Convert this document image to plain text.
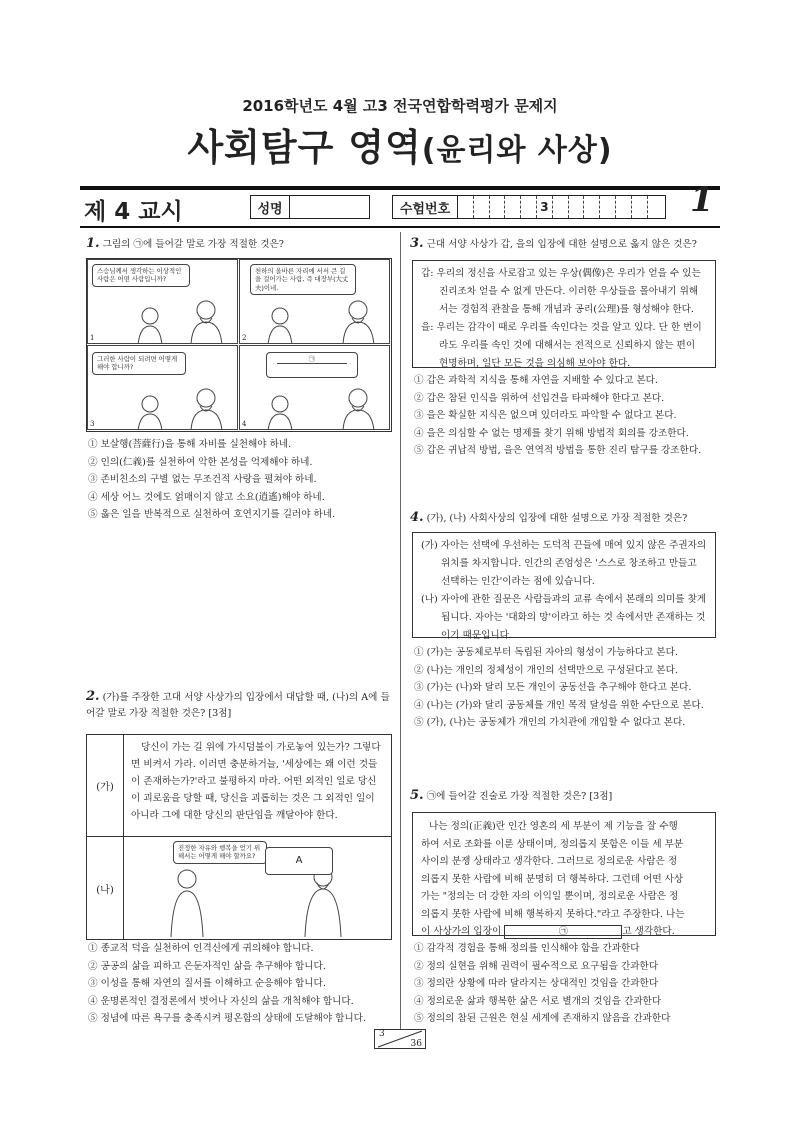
2016학년도 4월 고3 전국연합학력평가 문제지
사회탐구 영역(윤리와 사상)
제 4 교시	성명	수험번호	3	1
1. 그림의 ㉠에 들어갈 말로 가장 적절한 것은?
스승님께서 생각하는 이상적인 사람은 어떤 사람입니까?
1
천하의 올바른 자리에 서서 큰 길을 걸어가는 사람, 즉 대장부(大丈夫)이네.
2
그러한 사람이 되려면 어떻게 해야 합니까?
3
㉠
4
① 보살행(菩薩行)을 통해 자비를 실천해야 하네.
② 인의(仁義)를 실천하여 악한 본성을 억제해야 하네.
③ 존비친소의 구별 없는 무조건적 사랑을 펼쳐야 하네.
④ 세상 어느 것에도 얽매이지 않고 소요(逍遙)해야 하네.
⑤ 옳은 일을 반복적으로 실천하여 호연지기를 길러야 하네.
2. (가)를 주장한 고대 서양 사상가의 입장에서 대답할 때, (나)의 A에 들어갈 말로 가장 적절한 것은? [3점]
(가)
당신이 가는 길 위에 가시덤불이 가로놓여 있는가? 그렇다면 비켜서 가라. 이러면 충분하거늘, '세상에는 왜 이런 것들이 존재하는가?'라고 불평하지 마라. 어떤 외적인 일로 당신이 괴로움을 당할 때, 당신을 괴롭히는 것은 그 외적인 일이 아니라 그에 대한 당신의 판단임을 깨달아야 한다.
(나)
진정한 자유와 행복을 얻기 위해서는 어떻게 해야 할까요?	A
① 종교적 덕을 실천하여 인격신에게 귀의해야 합니다.
② 공공의 삶을 피하고 은둔자적인 삶을 추구해야 합니다.
③ 이성을 통해 자연의 질서를 이해하고 순응해야 합니다.
④ 운명론적인 결정론에서 벗어나 자신의 삶을 개척해야 합니다.
⑤ 정념에 따른 욕구를 충족시켜 평온함의 상태에 도달해야 합니다.
3. 근대 서양 사상가 갑, 을의 입장에 대한 설명으로 옳지 않은 것은?
갑: 우리의 정신을 사로잡고 있는 우상(偶像)은 우리가 얻을 수 있는 진리조차 얻을 수 없게 만든다. 이러한 우상들을 몰아내기 위해서는 경험적 관찰을 통해 개념과 공리(公理)를 형성해야 한다.
을: 우리는 감각이 때로 우리를 속인다는 것을 알고 있다. 단 한 번이라도 우리를 속인 것에 대해서는 전적으로 신뢰하지 않는 편이 현명하며, 일단 모든 것을 의심해 보아야 한다.
① 갑은 과학적 지식을 통해 자연을 지배할 수 있다고 본다.
② 갑은 참된 인식을 위하여 선입견을 타파해야 한다고 본다.
③ 을은 확실한 지식은 없으며 있더라도 파악할 수 없다고 본다.
④ 을은 의심할 수 없는 명제를 찾기 위해 방법적 회의를 강조한다.
⑤ 갑은 귀납적 방법, 을은 연역적 방법을 통한 진리 탐구를 강조한다.
4. (가), (나) 사회사상의 입장에 대한 설명으로 가장 적절한 것은?
(가) 자아는 선택에 우선하는 도덕적 끈들에 매여 있지 않은 주권자의 위치를 차지합니다. 인간의 존엄성은 '스스로 창조하고 만들고 선택하는 인간'이라는 점에 있습니다.
(나) 자아에 관한 질문은 사람들과의 교류 속에서 본래의 의미를 찾게 됩니다. 자아는 '대화의 망'이라고 하는 것 속에서만 존재하는 것이기 때문입니다.
① (가)는 공동체로부터 독립된 자아의 형성이 가능하다고 본다.
② (나)는 개인의 정체성이 개인의 선택만으로 구성된다고 본다.
③ (가)는 (나)와 달리 모든 개인이 공동선을 추구해야 한다고 본다.
④ (나)는 (가)와 달리 공동체를 개인 목적 달성을 위한 수단으로 본다.
⑤ (가), (나)는 공동체가 개인의 가치관에 개입할 수 없다고 본다.
5. ㉠에 들어갈 진술로 가장 적절한 것은? [3점]
나는 정의(正義)란 인간 영혼의 세 부분이 제 기능을 잘 수행
하여 서로 조화를 이룬 상태이며, 정의롭지 못함은 이들 세 부분
사이의 분쟁 상태라고 생각한다. 그러므로 정의로운 사람은 정
의롭지 못한 사람에 비해 분명히 더 행복하다. 그런데 어떤 사상
가는 "정의는 더 강한 자의 이익일 뿐이며, 정의로운 사람은 정
의롭지 못한 사람에 비해 행복하지 못하다."라고 주장한다. 나는
이 사상가의 입장이	㉠	고 생각한다.
① 감각적 경험을 통해 정의를 인식해야 함을 간과한다
② 정의 실현을 위해 권력이 필수적으로 요구됨을 간과한다
③ 정의란 상황에 따라 달라지는 상대적인 것임을 간과한다
④ 정의로운 삶과 행복한 삶은 서로 별개의 것임을 간과한다
⑤ 정의의 참된 근원은 현실 세계에 존재하지 않음을 간과한다
3
36
